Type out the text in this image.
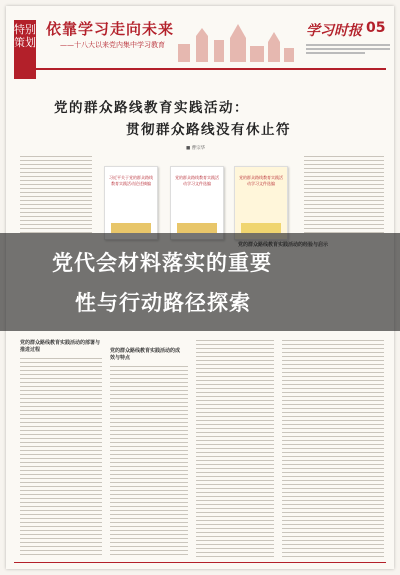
特别策划
依靠学习走向未来
——十八大以来党内集中学习教育
学习时报 05
党的群众路线教育实践活动：
贯彻群众路线没有休止符
■ 曹宗华
习近平关于党的群众路线教育实践活动论述摘编
党的群众路线教育实践活动学习文件选编
党的群众路线教育实践活动学习文件选编
党的群众路线教育实践活动的部署与推进过程	党的群众路线教育实践活动的成效与特点
党代会材料落实的重要
性与行动路径探索
